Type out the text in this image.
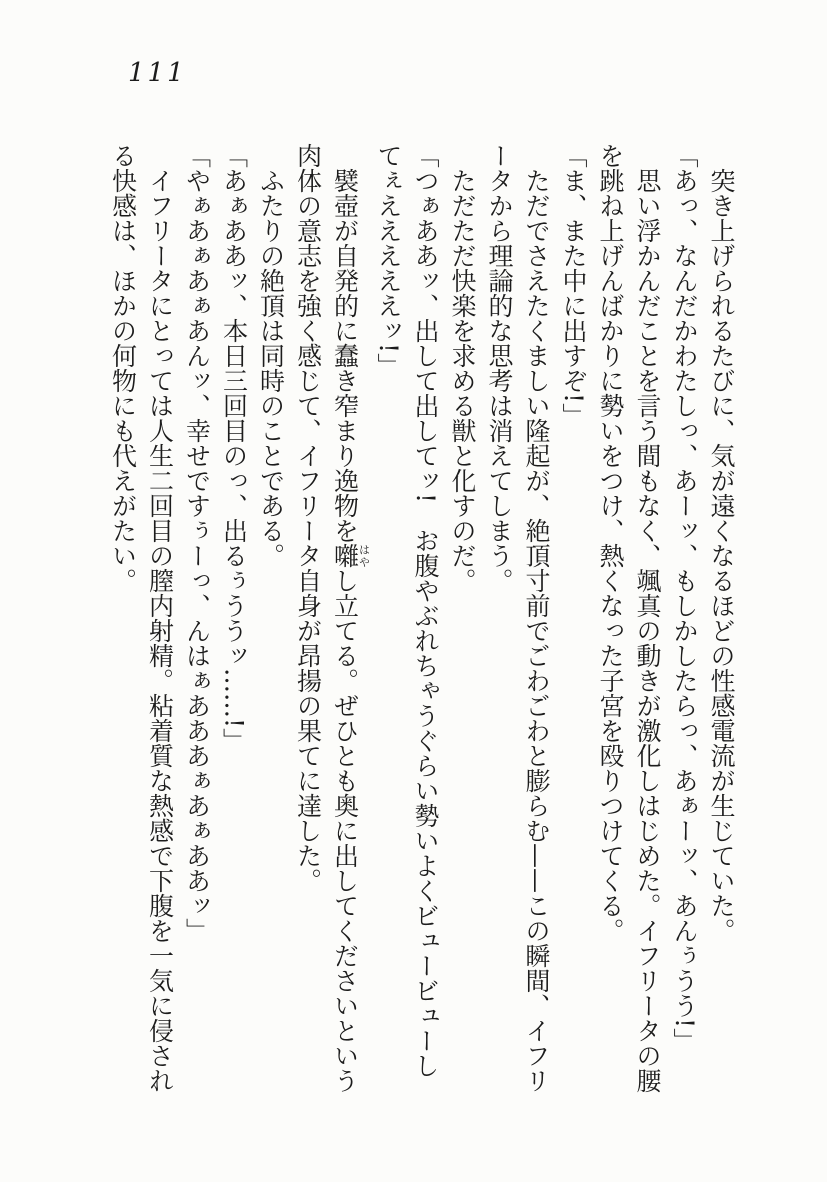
111

突き上げられるたびに、気が遠くなるほどの性感電流が生じていた。

「あっ、なんだかわたしっ、あーッ、もしかしたらっ、あぁーッ、あんぅうう!」

思い浮かんだことを言う間もなく、颯真の動きが激化しはじめた。イフリータの腰を跳ね上げんばかりに勢いをつけ、熱くなった子宮を殴りつけてくる。

「ま、また中に出すぞ!」

ただでさえたくましい隆起が、絶頂寸前でごわごわと膨らむ——この瞬間、イフリータから理論的な思考は消えてしまう。

ただただ快楽を求める獣と化すのだ。

「つぁああッ、出して出してッ!　お腹やぶれちゃうぐらい勢いよくビュービューしてぇえええええッ!」

襞壺が自発的に蠢き窄まり逸物を囃はやし立てる。ぜひとも奥に出してくださいという肉体の意志を強く感じて、イフリータ自身が昂揚の果てに達した。

ふたりの絶頂は同時のことである。

「あぁああッ、本日三回目のっ、出るぅううッ……!」

「やぁあぁあぁあんッ、幸せですぅーっ、んはぁあああぁあぁああッ」

イフリータにとっては人生二回目の膣内射精。粘着質な熱感で下腹を一気に侵される快感は、ほかの何物にも代えがたい。
